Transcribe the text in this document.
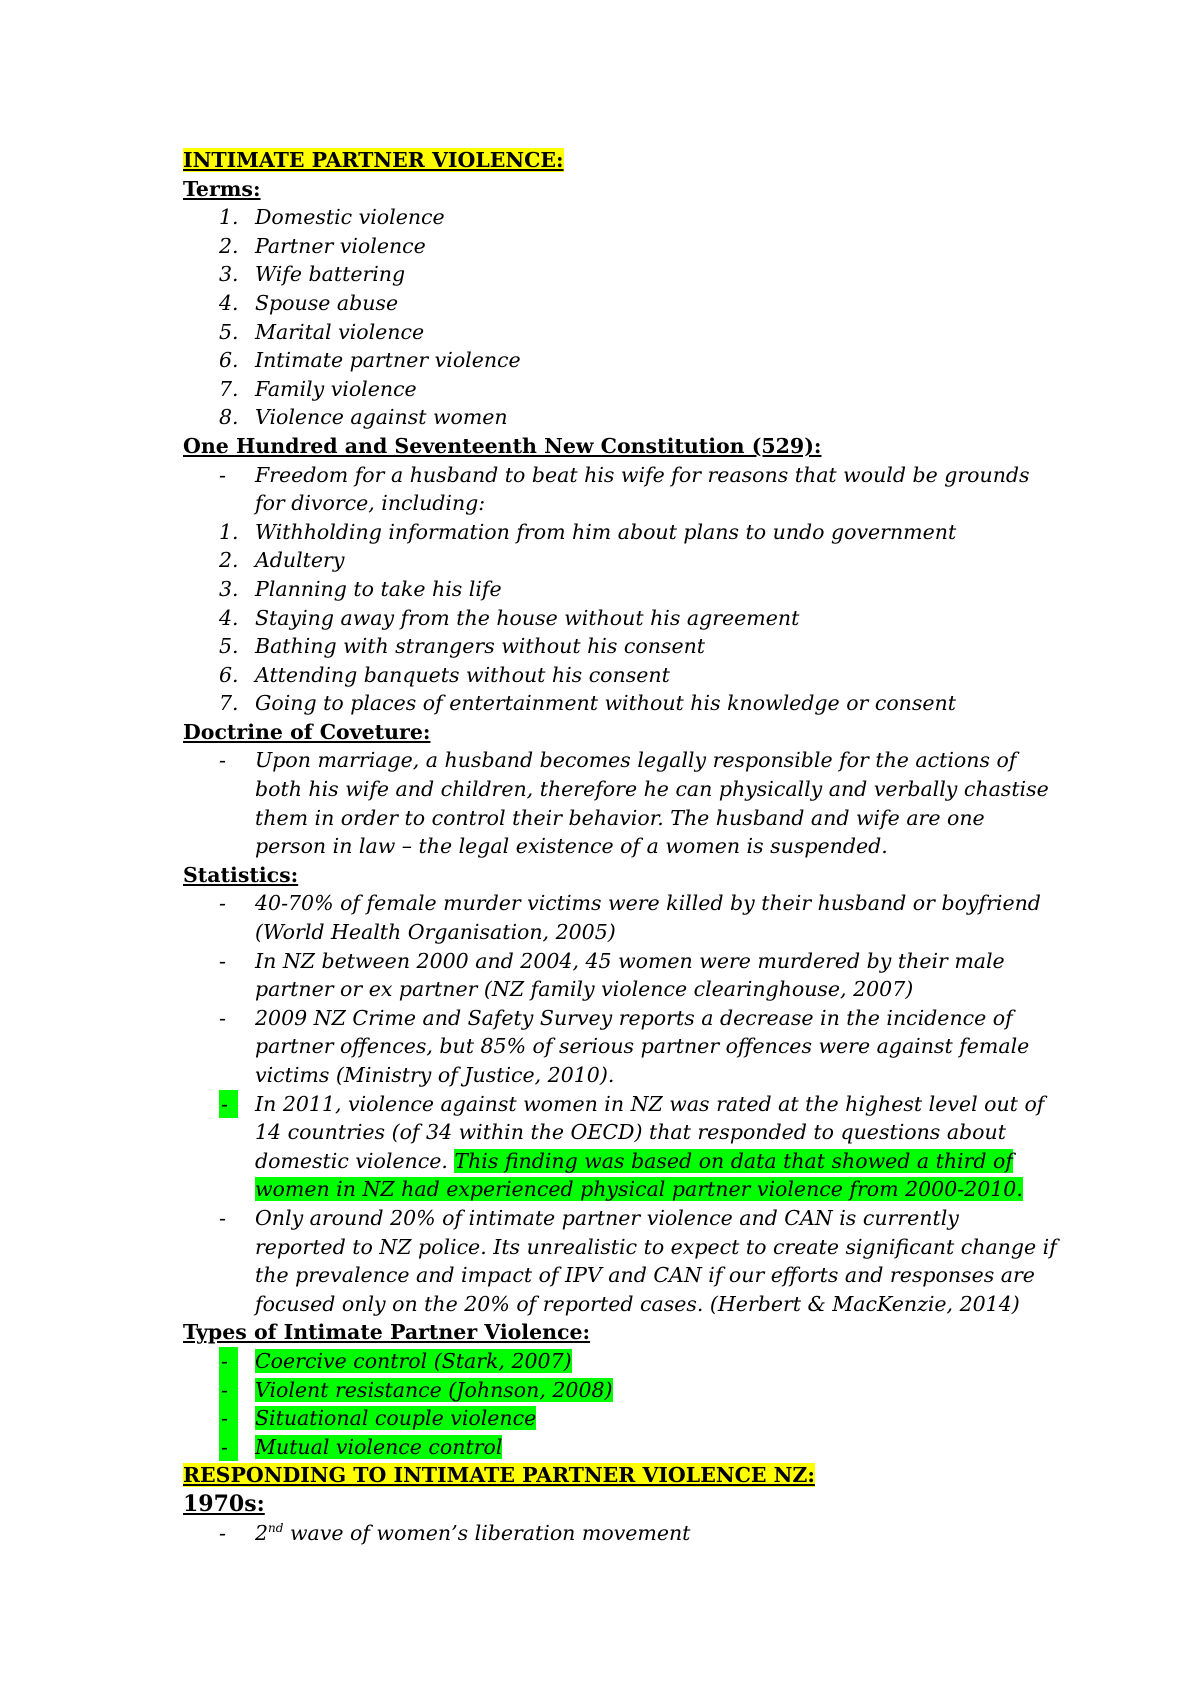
INTIMATE PARTNER VIOLENCE:
Terms:
1. Domestic violence
2. Partner violence
3. Wife battering
4. Spouse abuse
5. Marital violence
6. Intimate partner violence
7. Family violence
8. Violence against women
One Hundred and Seventeenth New Constitution (529):
- Freedom for a husband to beat his wife for reasons that would be grounds
for divorce, including:
1. Withholding information from him about plans to undo government
2. Adultery
3. Planning to take his life
4. Staying away from the house without his agreement
5. Bathing with strangers without his consent
6. Attending banquets without his consent
7. Going to places of entertainment without his knowledge or consent
Doctrine of Coveture:
- Upon marriage, a husband becomes legally responsible for the actions of
both his wife and children, therefore he can physically and verbally chastise
them in order to control their behavior. The husband and wife are one
person in law – the legal existence of a women is suspended.
Statistics:
- 40-70% of female murder victims were killed by their husband or boyfriend
(World Health Organisation, 2005)
- In NZ between 2000 and 2004, 45 women were murdered by their male
partner or ex partner (NZ family violence clearinghouse, 2007)
- 2009 NZ Crime and Safety Survey reports a decrease in the incidence of
partner offences, but 85% of serious partner offences were against female
victims (Ministry of Justice, 2010).
-	In 2011, violence against women in NZ was rated at the highest level out of
14 countries (of 34 within the OECD) that responded to questions about
domestic violence. This finding was based on data that showed a third of
women in NZ had experienced physical partner violence from 2000-2010.
- Only around 20% of intimate partner violence and CAN is currently
reported to NZ police. Its unrealistic to expect to create significant change if
the prevalence and impact of IPV and CAN if our efforts and responses are
focused only on the 20% of reported cases. (Herbert & MacKenzie, 2014)
Types of Intimate Partner Violence:
-	Coercive control (Stark, 2007)
-	Violent resistance (Johnson, 2008)
-	Situational couple violence
-	Mutual violence control
RESPONDING TO INTIMATE PARTNER VIOLENCE NZ:
1970s:
- 2nd wave of women’s liberation movement
